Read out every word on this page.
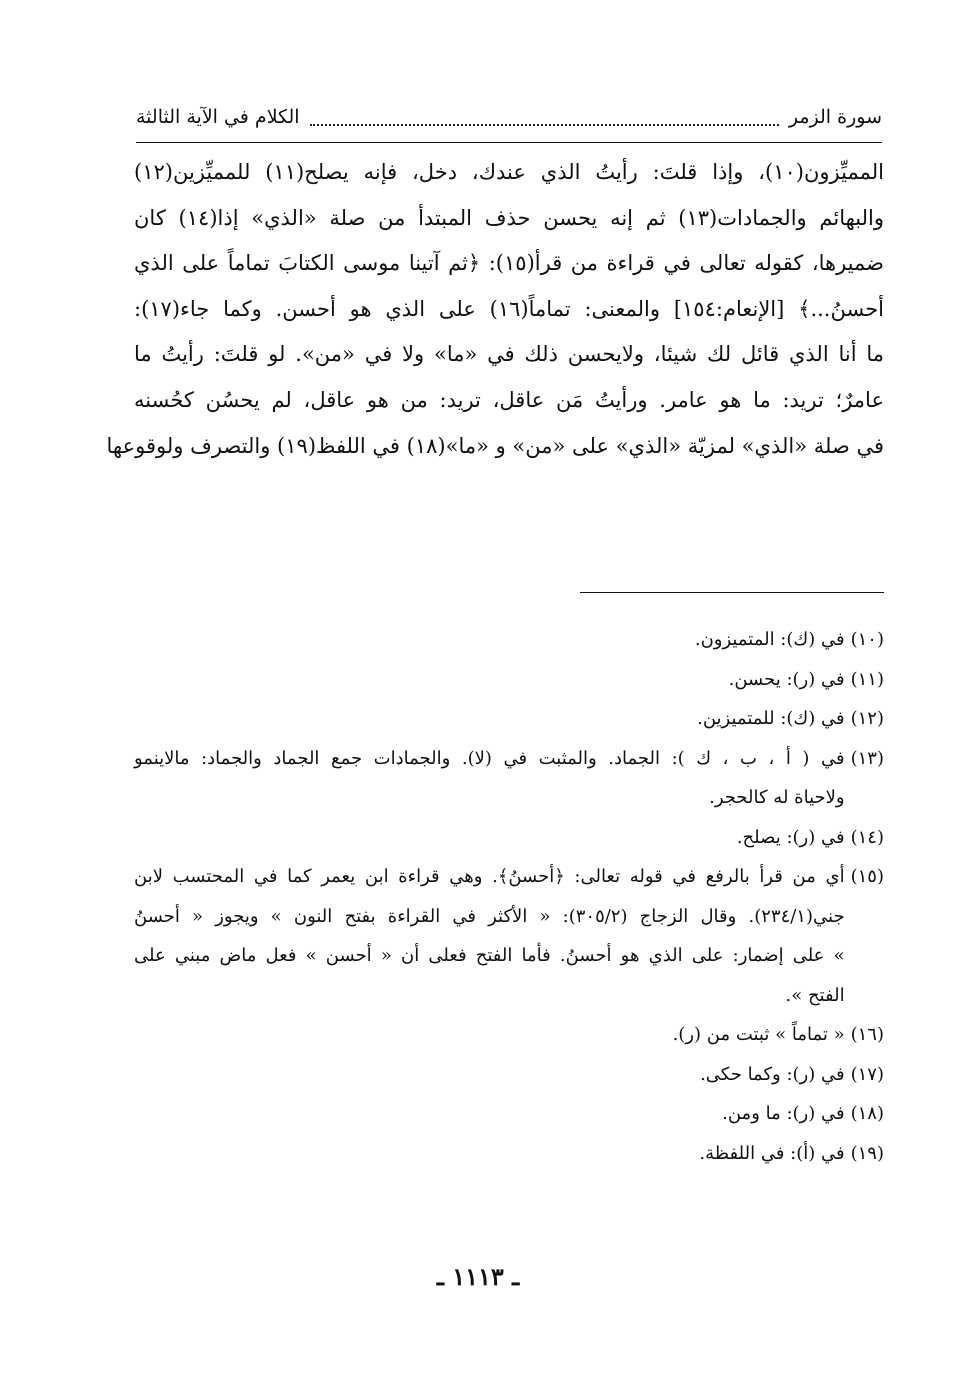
سورة الزمر
الكلام في الآية الثالثة
المميِّزون(١٠)، وإذا قلتَ: رأيتُ الذي عندك، دخل، فإنه يصلح(١١) للمميِّزين(١٢)
والبهائم والجمادات(١٣) ثم إنه يحسن حذف المبتدأ من صلة «الذي» إذا(١٤) كان
ضميرها، كقوله تعالى في قراءة من قرأ(١٥): ﴿ثم آتينا موسى الكتابَ تماماً على الذي
أحسنُ...﴾ [الإنعام:١٥٤] والمعنى: تماماً(١٦) على الذي هو أحسن. وكما جاء(١٧):
ما أنا الذي قائل لك شيئا، ولايحسن ذلك في «ما» ولا في «من». لو قلتَ: رأيتُ ما
عامرٌ؛ تريد: ما هو عامر. ورأيتُ مَن عاقل، تريد: من هو عاقل، لم يحسُن كحُسنه
في صلة «الذي» لمزيّة «الذي» على «من» و «ما»(١٨) في اللفظ(١٩) والتصرف ولوقوعها
(١٠)في (ك): المتميزون.
(١١)في (ر): يحسن.
(١٢)في (ك): للمتميزين.
(١٣)
في ( أ ، ب ، ك ): الجماد. والمثبت في (لا). والجمادات جمع الجماد والجماد: مالاينمو
ولاحياة له كالحجر.
(١٤)في (ر): يصلح.
(١٥)
أي من قرأ بالرفع في قوله تعالى: ﴿أحسنُ﴾. وهي قراءة ابن يعمر كما في المحتسب لابن
جني(٢٣٤/١). وقال الزجاج (٣٠٥/٢): « الأكثر في القراءة بفتح النون » ويجوز « أحسنُ
» على إضمار: على الذي هو أحسنُ. فأما الفتح فعلى أن « أحسن » فعل ماض مبني على
الفتح ».
(١٦)« تماماً » ثبتت من (ر).
(١٧)في (ر): وكما حكى.
(١٨)في (ر): ما ومن.
(١٩)في (أ): في اللفظة.
ـ ١١١٣ ـ
